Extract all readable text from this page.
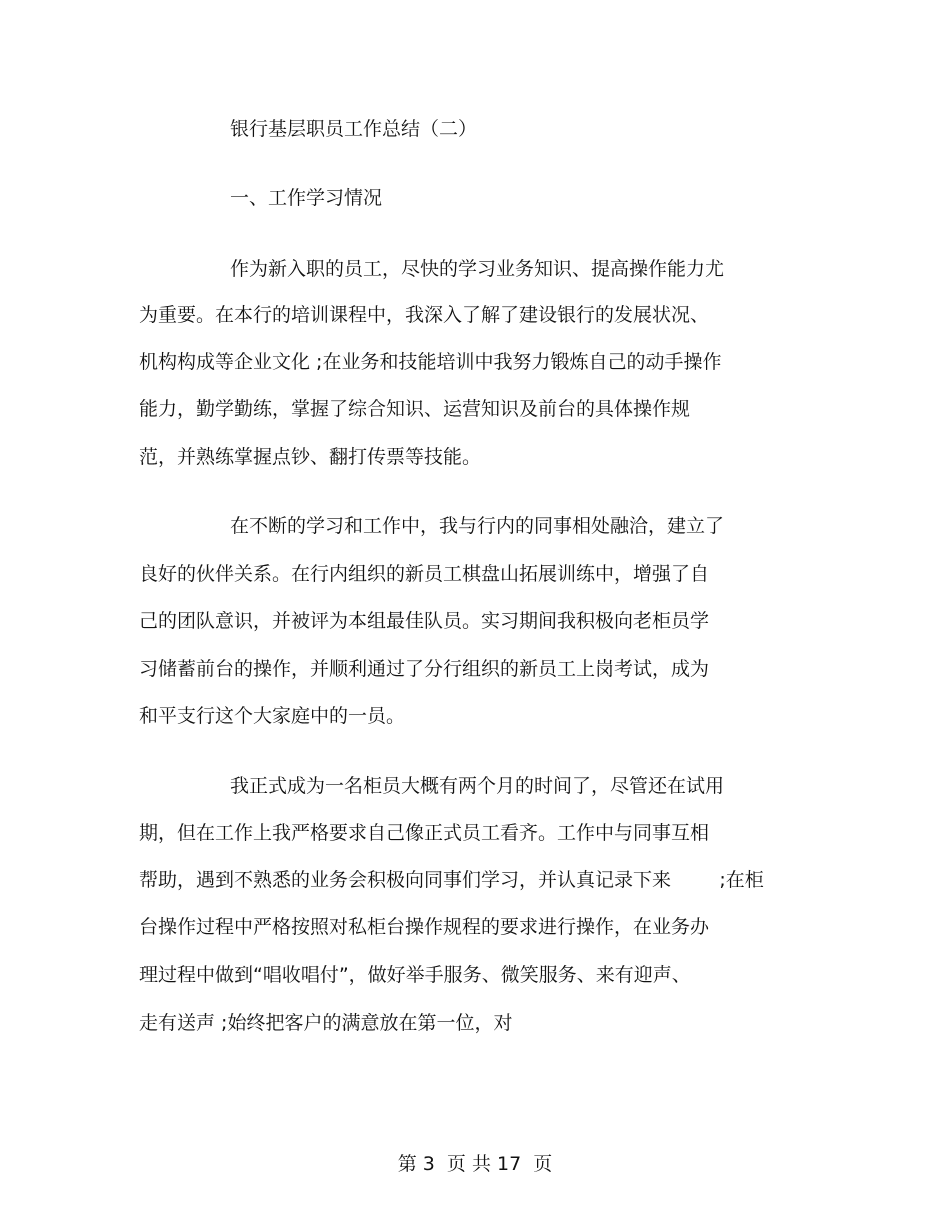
银行基层职员工作总结（二）

一、工作学习情况

作为新入职的员工，尽快的学习业务知识、提高操作能力尤

为重要。在本行的培训课程中，我深入了解了建设银行的发展状况、

机构构成等企业文化 ;在业务和技能培训中我努力锻炼自己的动手操作

能力，勤学勤练，掌握了综合知识、运营知识及前台的具体操作规

范，并熟练掌握点钞、翻打传票等技能。

在不断的学习和工作中，我与行内的同事相处融洽，建立了

良好的伙伴关系。在行内组织的新员工棋盘山拓展训练中，增强了自

己的团队意识，并被评为本组最佳队员。实习期间我积极向老柜员学

习储蓄前台的操作，并顺利通过了分行组织的新员工上岗考试，成为

和平支行这个大家庭中的一员。

我正式成为一名柜员大概有两个月的时间了，尽管还在试用

期，但在工作上我严格要求自己像正式员工看齐。工作中与同事互相

帮助，遇到不熟悉的业务会积极向同事们学习，并认真记录下来        ;在柜

台操作过程中严格按照对私柜台操作规程的要求进行操作，在业务办

理过程中做到“唱收唱付”，做好举手服务、微笑服务、来有迎声、

走有送声 ;始终把客户的满意放在第一位，对

第 3  页 共 17  页
